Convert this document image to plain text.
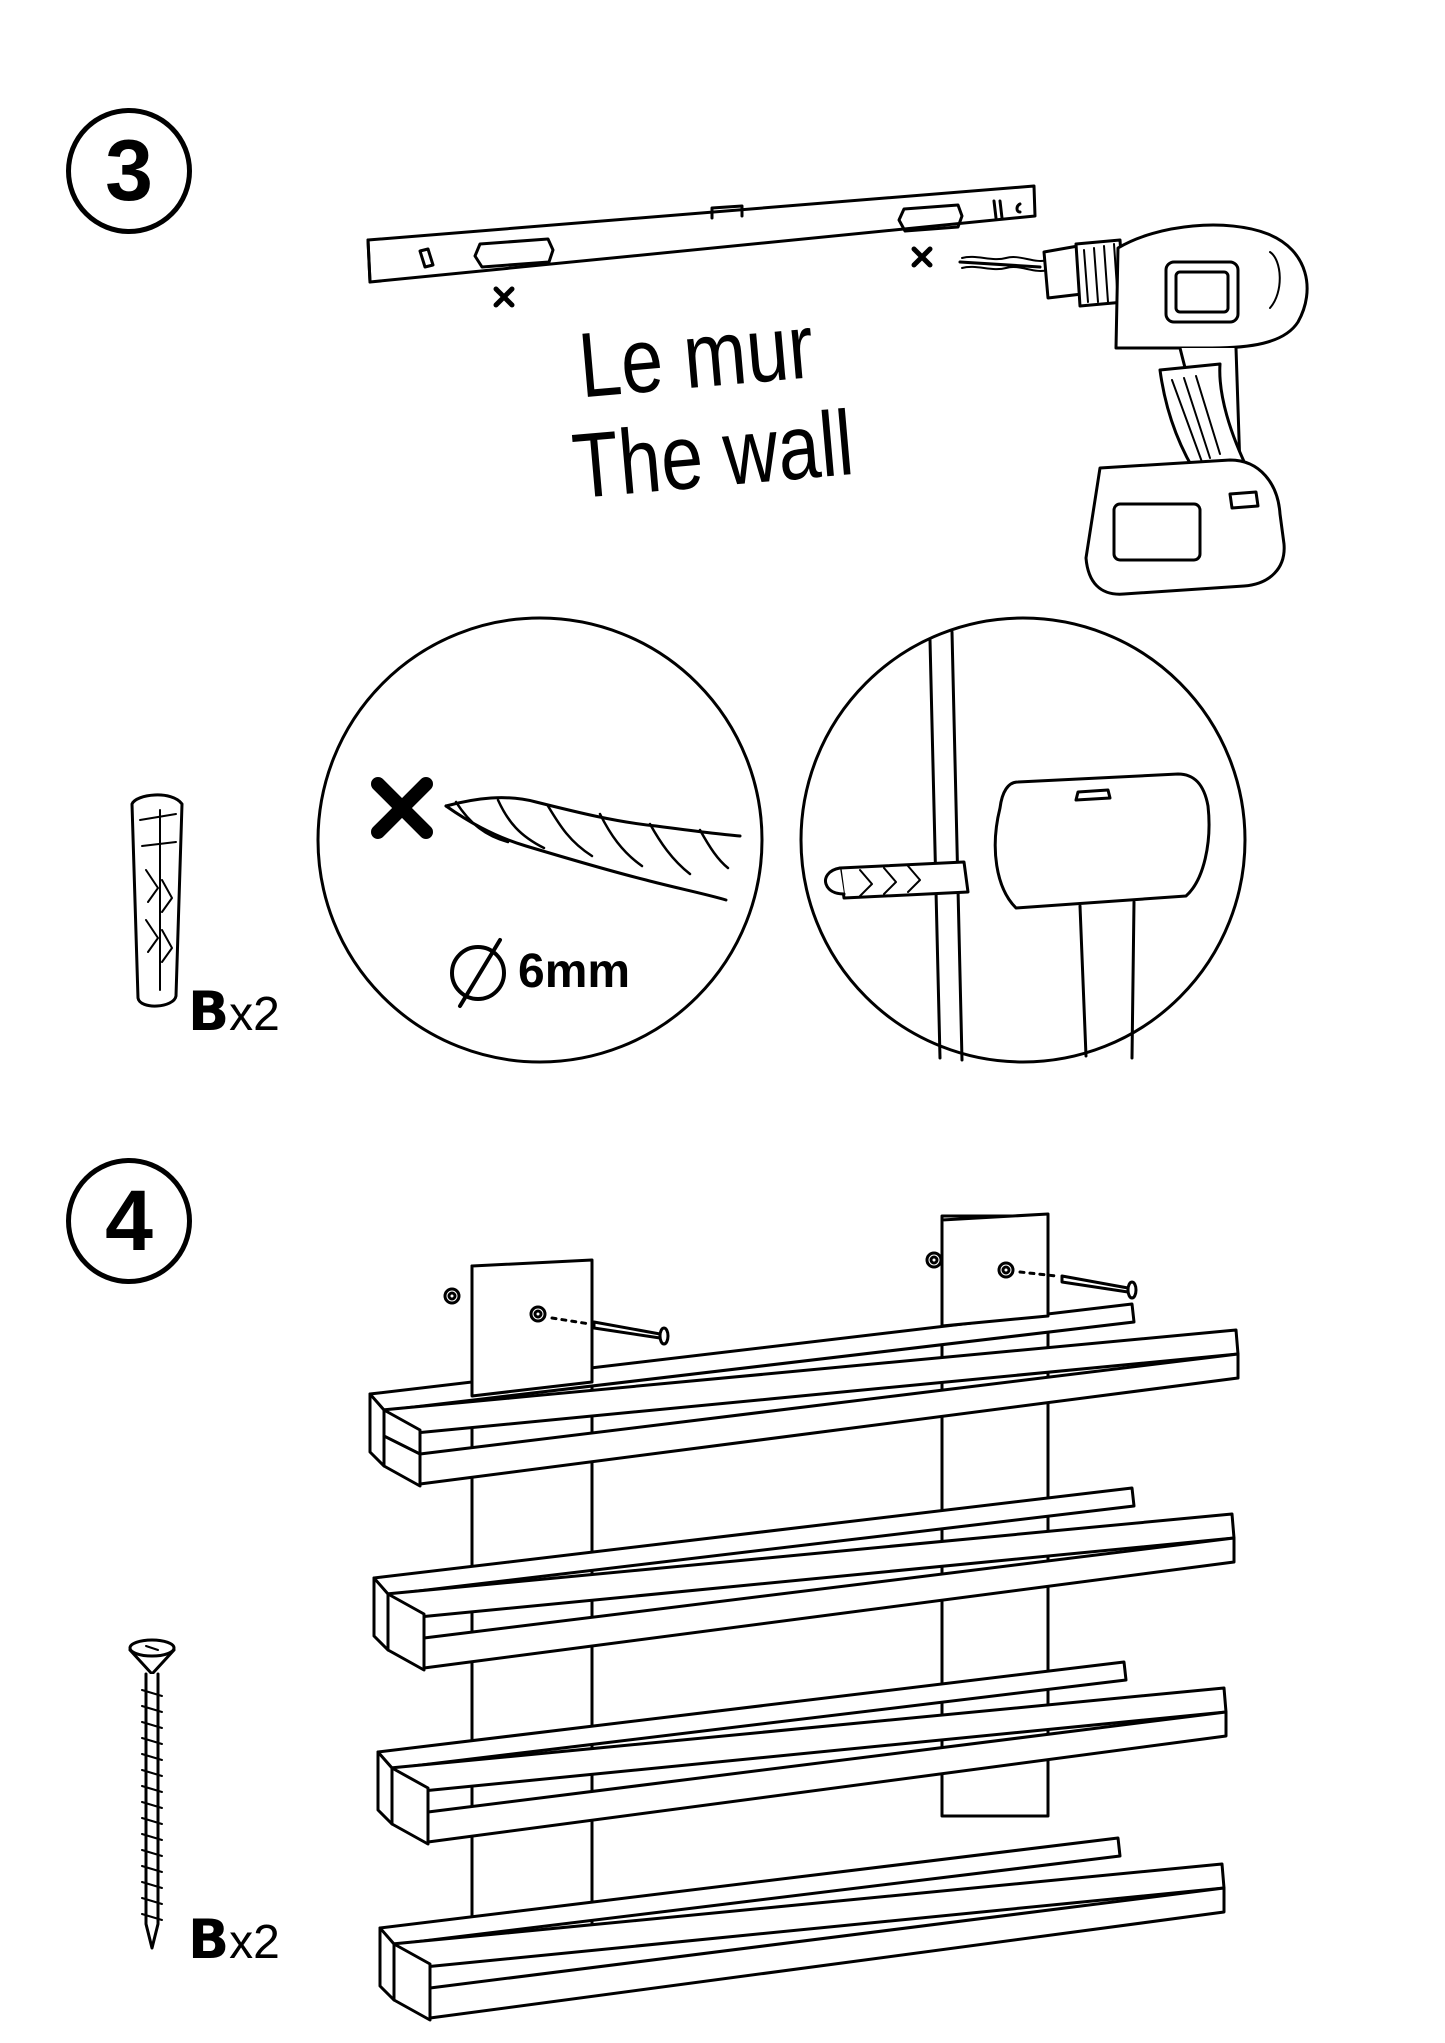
3
Le mur
The wall
6mm
Bx2
4
Bx2
